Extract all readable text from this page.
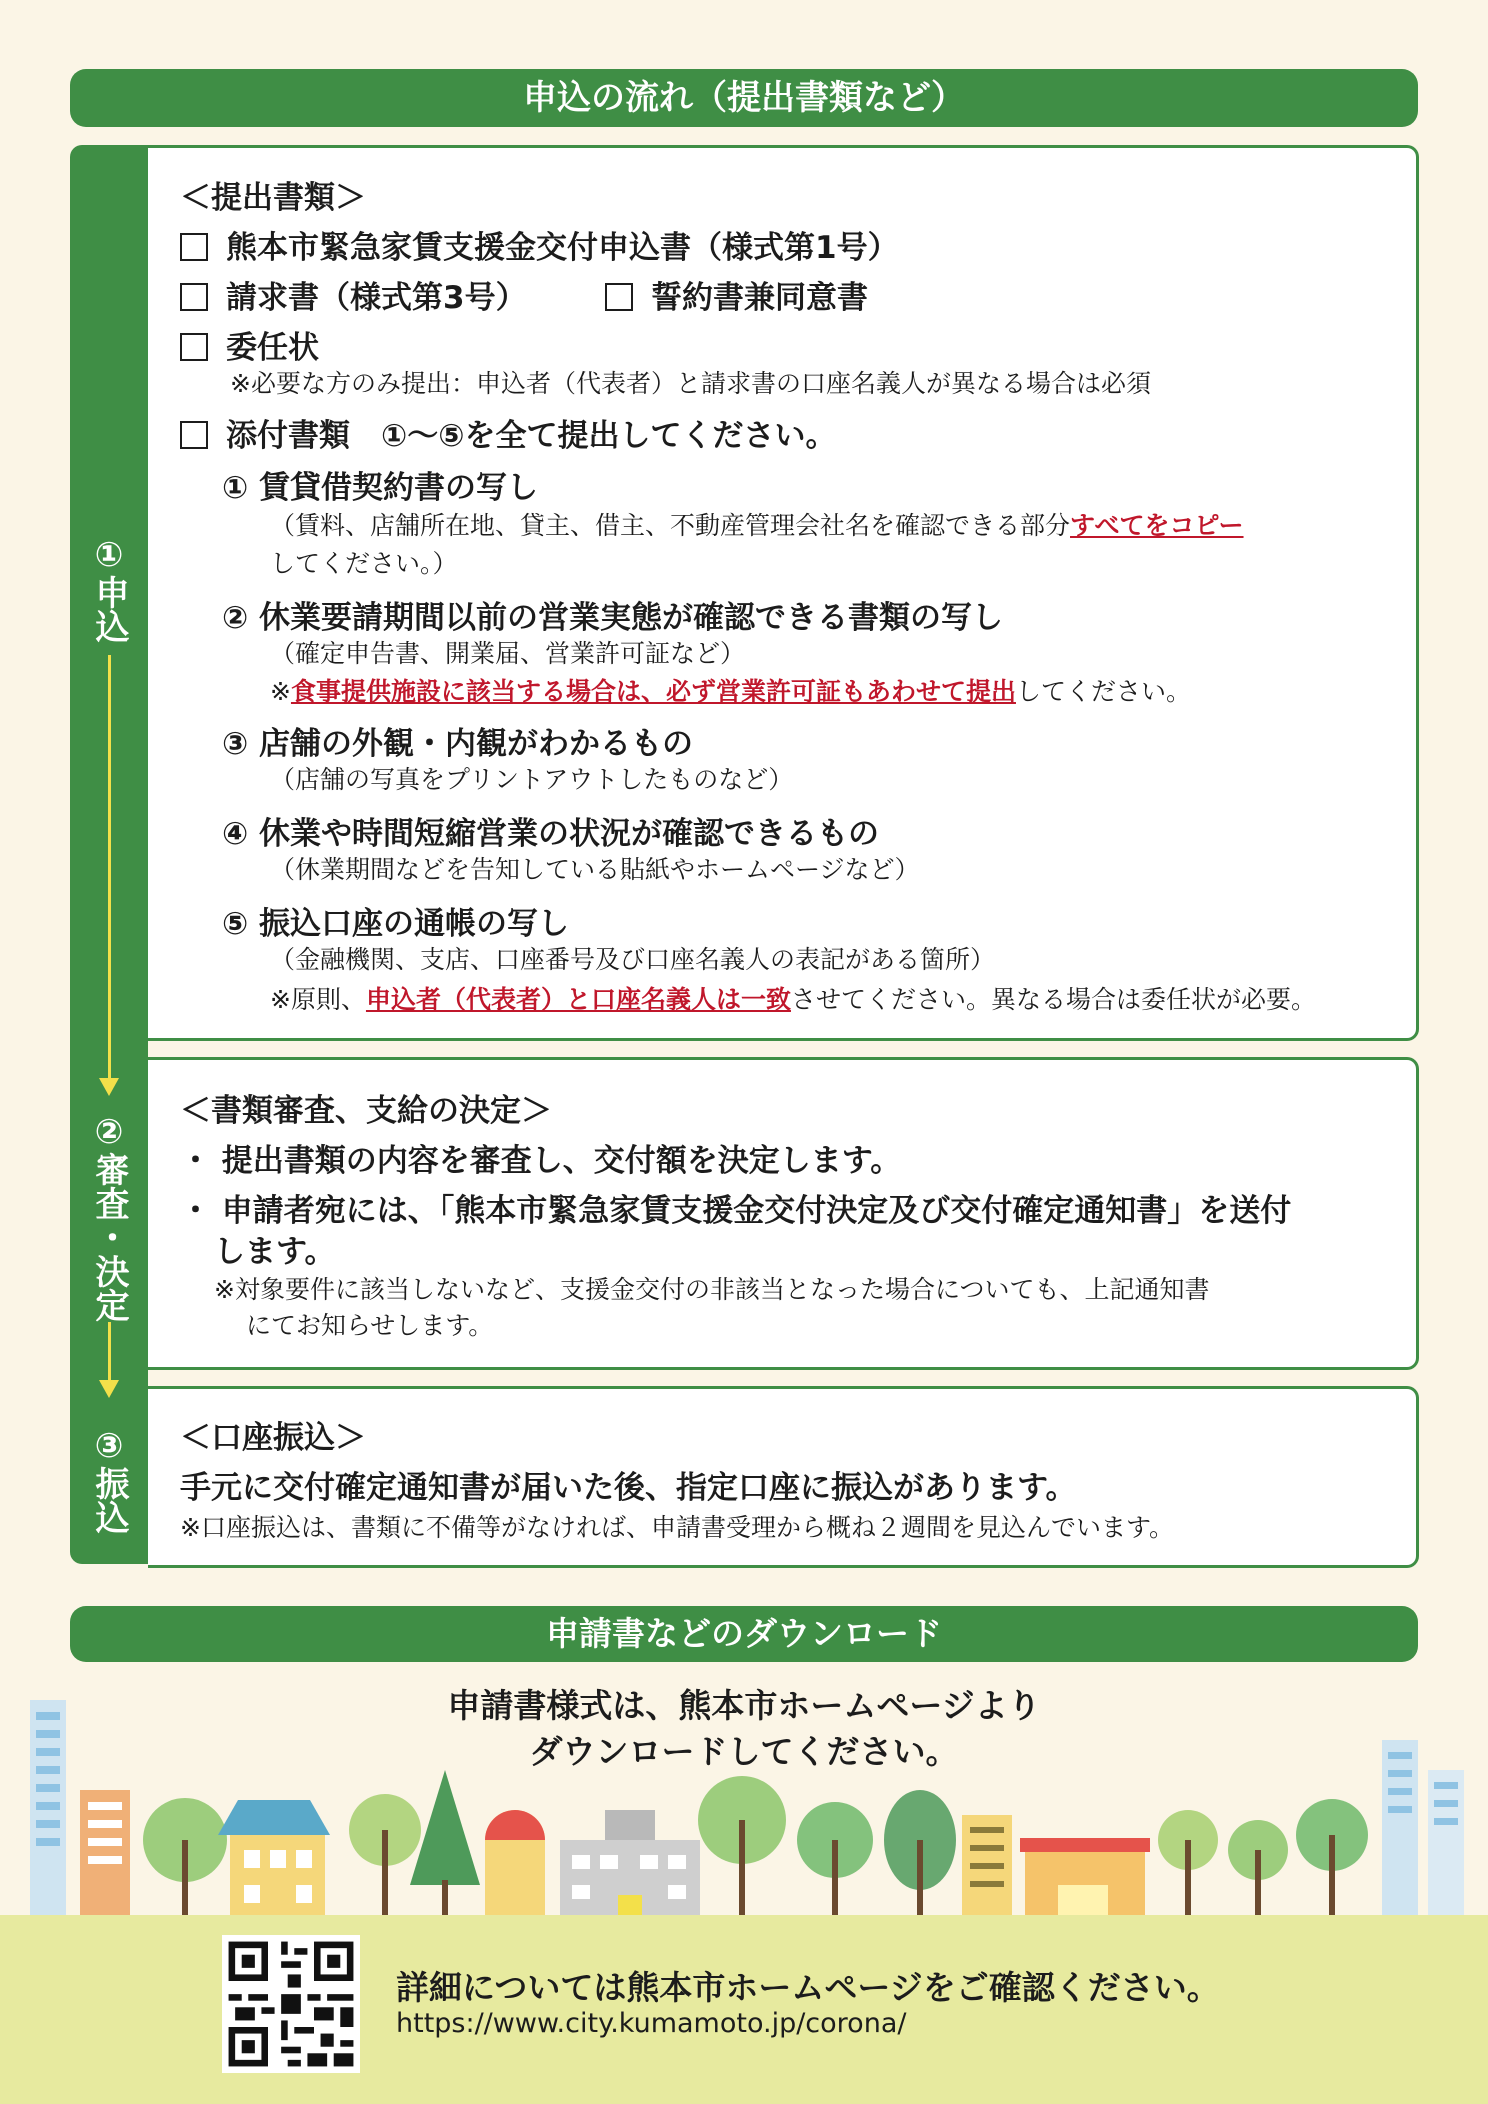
申込の流れ（提出書類など）
①申込
②審査・決定
③振込
＜提出書類＞
熊本市緊急家賃支援金交付申込書（様式第1号）
請求書（様式第3号）	誓約書兼同意書
委任状
※必要な方のみ提出：申込者（代表者）と請求書の口座名義人が異なる場合は必須
添付書類　①～⑤を全て提出してください。
① 賃貸借契約書の写し
（賃料、店舗所在地、貸主、借主、不動産管理会社名を確認できる部分すべてをコピー
してください。）
② 休業要請期間以前の営業実態が確認できる書類の写し
（確定申告書、開業届、営業許可証など）
※食事提供施設に該当する場合は、必ず営業許可証もあわせて提出してください。
③ 店舗の外観・内観がわかるもの
（店舗の写真をプリントアウトしたものなど）
④ 休業や時間短縮営業の状況が確認できるもの
（休業期間などを告知している貼紙やホームページなど）
⑤ 振込口座の通帳の写し
（金融機関、支店、口座番号及び口座名義人の表記がある箇所）
※原則、申込者（代表者）と口座名義人は一致させてください。異なる場合は委任状が必要。
＜書類審査、支給の決定＞
・ 提出書類の内容を審査し、交付額を決定します。
・ 申請者宛には、「熊本市緊急家賃支援金交付決定及び交付確定通知書」を送付
します。
※対象要件に該当しないなど、支援金交付の非該当となった場合についても、上記通知書
にてお知らせします。
＜口座振込＞
手元に交付確定通知書が届いた後、指定口座に振込があります。
※口座振込は、書類に不備等がなければ、申請書受理から概ね２週間を見込んでいます。
申請書などのダウンロード
申請書様式は、熊本市ホームページより
ダウンロードしてください。
詳細については熊本市ホームページをご確認ください。
https://www.city.kumamoto.jp/corona/
